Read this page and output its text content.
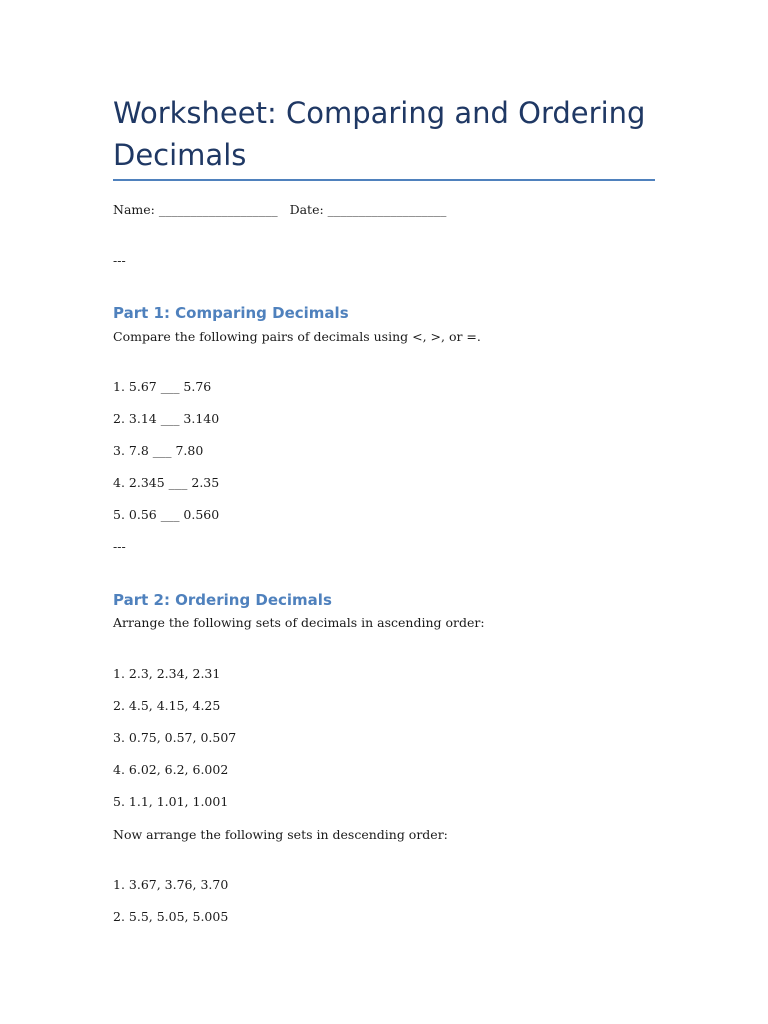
Worksheet: Comparing and Ordering Decimals
Name: ___________________ Date: ___________________
---
Part 1: Comparing Decimals
Compare the following pairs of decimals using <, >, or =.
1. 5.67 ___ 5.76
2. 3.14 ___ 3.140
3. 7.8 ___ 7.80
4. 2.345 ___ 2.35
5. 0.56 ___ 0.560
---
Part 2: Ordering Decimals
Arrange the following sets of decimals in ascending order:
1. 2.3, 2.34, 2.31
2. 4.5, 4.15, 4.25
3. 0.75, 0.57, 0.507
4. 6.02, 6.2, 6.002
5. 1.1, 1.01, 1.001
Now arrange the following sets in descending order:
1. 3.67, 3.76, 3.70
2. 5.5, 5.05, 5.005
